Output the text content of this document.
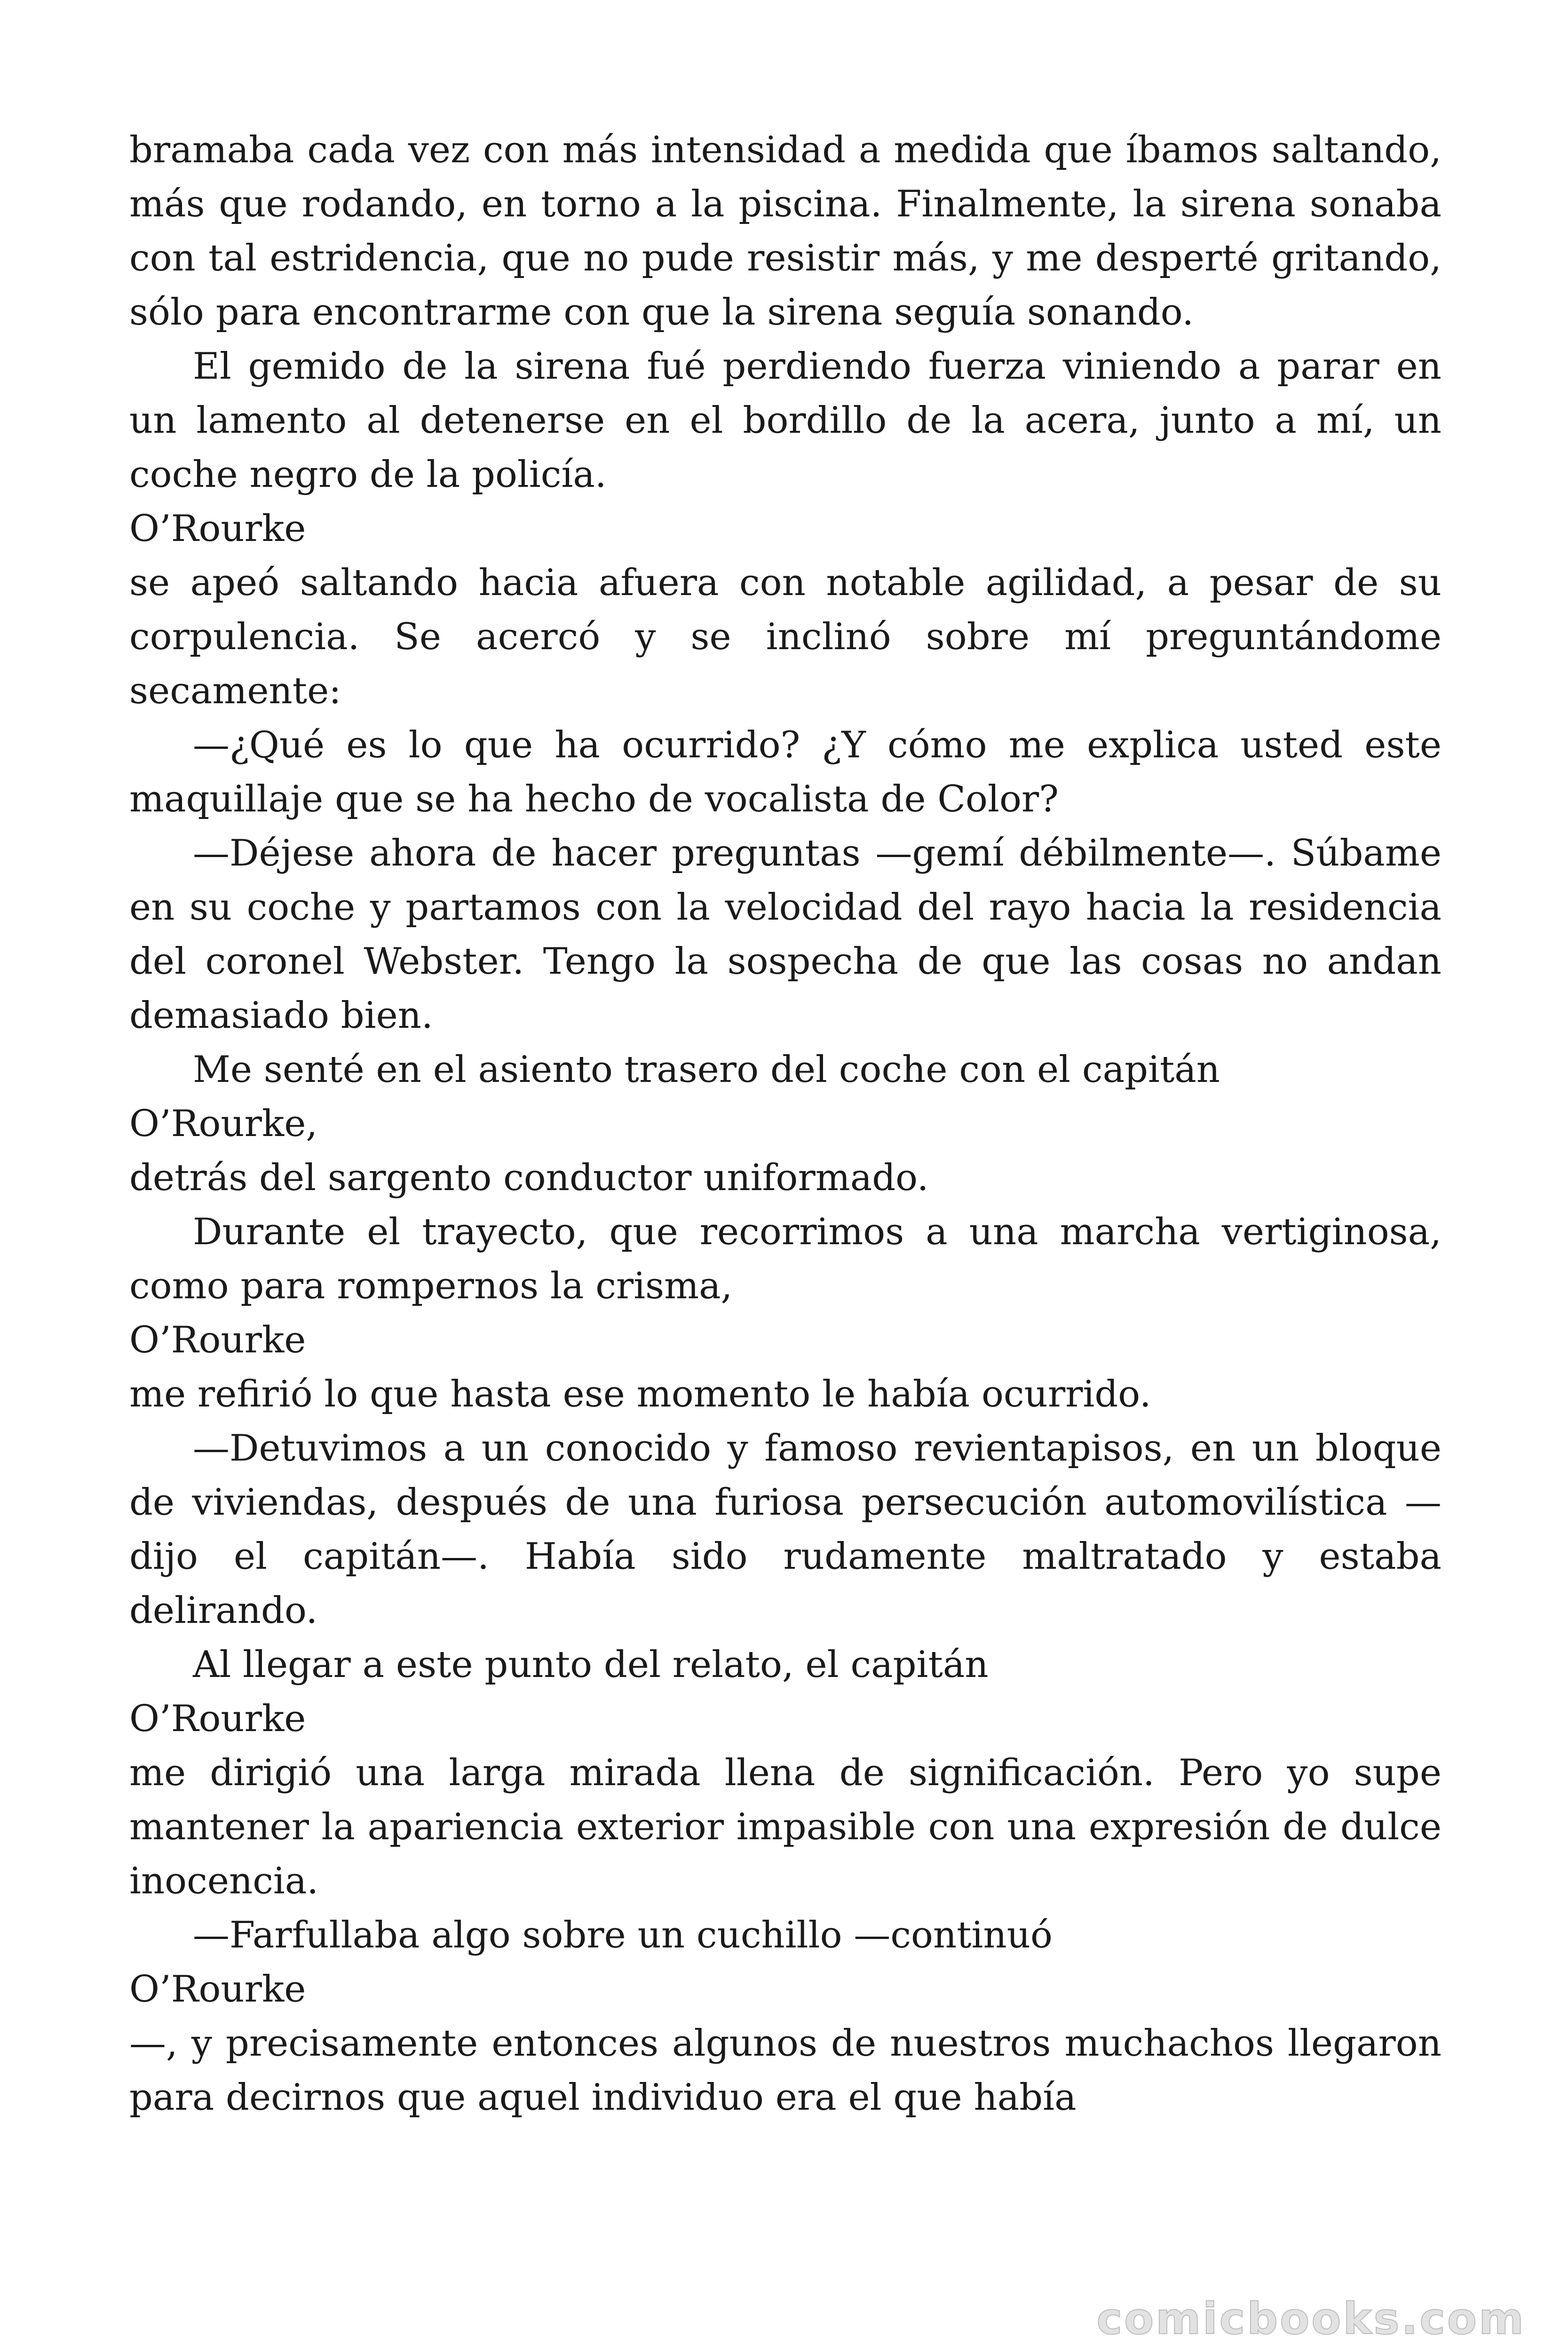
bramaba cada vez con más intensidad a medida que íbamos saltando, más que rodando, en torno a la piscina. Finalmente, la sirena sonaba con tal estridencia, que no pude resistir más, y me desperté gritando, sólo para encontrarme con que la sirena seguía sonando.

El gemido de la sirena fué perdiendo fuerza viniendo a parar en un lamento al detenerse en el bordillo de la acera, junto a mí, un coche negro de la policía.

O’Rourke

se apeó saltando hacia afuera con notable agilidad, a pesar de su corpulencia. Se acercó y se inclinó sobre mí preguntándome secamente:

—¿Qué es lo que ha ocurrido? ¿Y cómo me explica usted este maquillaje que se ha hecho de vocalista de Color?

—Déjese ahora de hacer preguntas —gemí débilmente—. Súbame en su coche y partamos con la velocidad del rayo hacia la residencia del coronel Webster. Tengo la sospecha de que las cosas no andan demasiado bien.

Me senté en el asiento trasero del coche con el capitán

O’Rourke,

detrás del sargento conductor uniformado.

Durante el trayecto, que recorrimos a una marcha vertiginosa, como para rompernos la crisma,

O’Rourke

me refirió lo que hasta ese momento le había ocurrido.

—Detuvimos a un conocido y famoso revientapisos, en un bloque de viviendas, después de una furiosa persecución automovilística —dijo el capitán—. Había sido rudamente maltratado y estaba delirando.

Al llegar a este punto del relato, el capitán

O’Rourke

me dirigió una larga mirada llena de significación. Pero yo supe mantener la apariencia exterior impasible con una expresión de dulce inocencia.

—Farfullaba algo sobre un cuchillo —continuó

O’Rourke

—, y precisamente entonces algunos de nuestros muchachos llegaron para decirnos que aquel individuo era el que había

comicbooks.com
